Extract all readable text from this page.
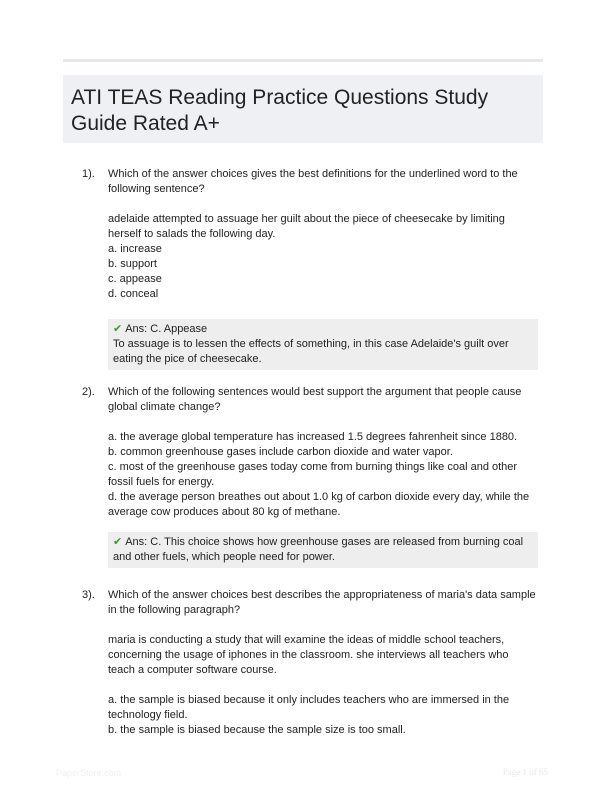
ATI TEAS Reading Practice Questions Study Guide Rated A+
1). Which of the answer choices gives the best definitions for the underlined word to the following sentence?

adelaide attempted to assuage her guilt about the piece of cheesecake by limiting herself to salads the following day.

a. increase

b. support

c. appease

d. conceal

✔ Ans: C. Appease

To assuage is to lessen the effects of something, in this case Adelaide's guilt over eating the pice of cheesecake.

2). Which of the following sentences would best support the argument that people cause global climate change?

a. the average global temperature has increased 1.5 degrees fahrenheit since 1880.

b. common greenhouse gases include carbon dioxide and water vapor.

c. most of the greenhouse gases today come from burning things like coal and other fossil fuels for energy.

d. the average person breathes out about 1.0 kg of carbon dioxide every day, while the average cow produces about 80 kg of methane.

✔ Ans: C. This choice shows how greenhouse gases are released from burning coal and other fuels, which people need for power.

3). Which of the answer choices best describes the appropriateness of maria's data sample in the following paragraph?

maria is conducting a study that will examine the ideas of middle school teachers, concerning the usage of iphones in the classroom. she interviews all teachers who teach a computer software course.

a. the sample is biased because it only includes teachers who are immersed in the technology field.

b. the sample is biased because the sample size is too small.

PaperStore.com	Page 1 of 65
